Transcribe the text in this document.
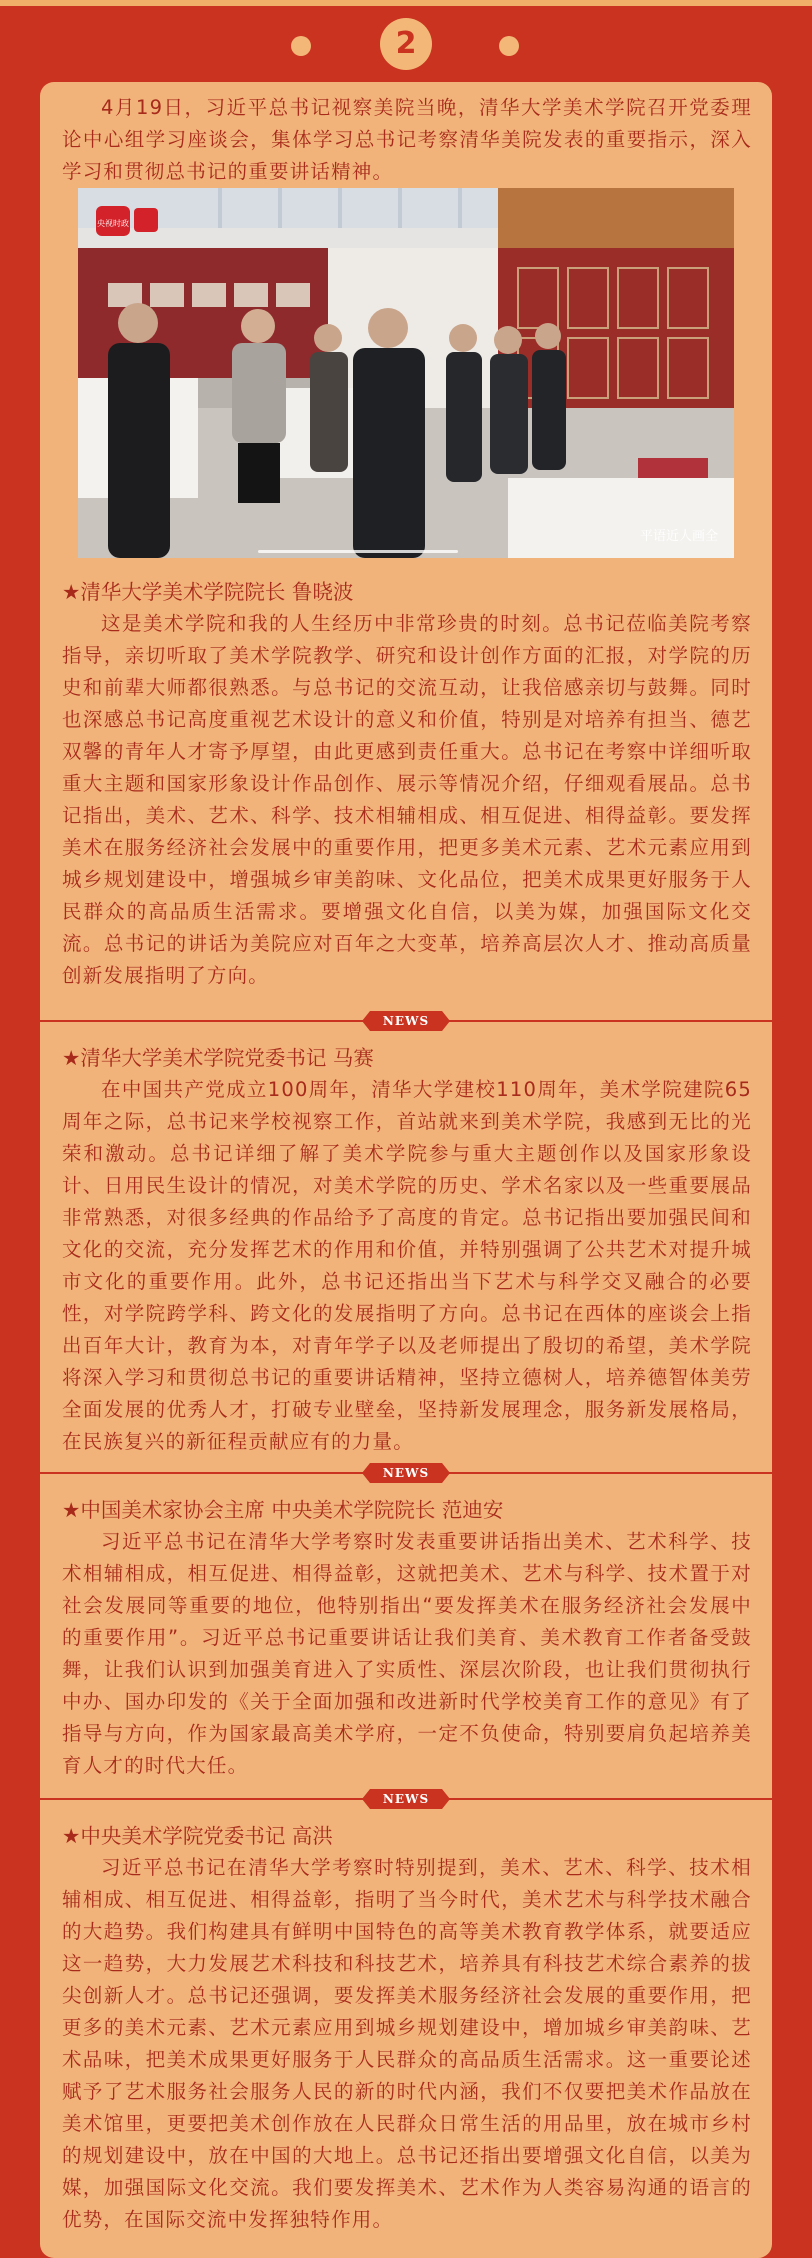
2

4月19日，习近平总书记视察美院当晚，清华大学美术学院召开党委理论中心组学习座谈会，集体学习总书记考察清华美院发表的重要指示，深入学习和贯彻总书记的重要讲话精神。

央视时政
平语近人画全

★清华大学美术学院院长 鲁晓波

这是美术学院和我的人生经历中非常珍贵的时刻。总书记莅临美院考察指导，亲切听取了美术学院教学、研究和设计创作方面的汇报，对学院的历史和前辈大师都很熟悉。与总书记的交流互动，让我倍感亲切与鼓舞。同时也深感总书记高度重视艺术设计的意义和价值，特别是对培养有担当、德艺双馨的青年人才寄予厚望，由此更感到责任重大。总书记在考察中详细听取重大主题和国家形象设计作品创作、展示等情况介绍，仔细观看展品。总书记指出，美术、艺术、科学、技术相辅相成、相互促进、相得益彰。要发挥美术在服务经济社会发展中的重要作用，把更多美术元素、艺术元素应用到城乡规划建设中，增强城乡审美韵味、文化品位，把美术成果更好服务于人民群众的高品质生活需求。要增强文化自信，以美为媒，加强国际文化交流。总书记的讲话为美院应对百年之大变革，培养高层次人才、推动高质量创新发展指明了方向。

NEWS

★清华大学美术学院党委书记 马赛

在中国共产党成立100周年，清华大学建校110周年，美术学院建院65周年之际，总书记来学校视察工作，首站就来到美术学院，我感到无比的光荣和激动。总书记详细了解了美术学院参与重大主题创作以及国家形象设计、日用民生设计的情况，对美术学院的历史、学术名家以及一些重要展品非常熟悉，对很多经典的作品给予了高度的肯定。总书记指出要加强民间和文化的交流，充分发挥艺术的作用和价值，并特别强调了公共艺术对提升城市文化的重要作用。此外，总书记还指出当下艺术与科学交叉融合的必要性，对学院跨学科、跨文化的发展指明了方向。总书记在西体的座谈会上指出百年大计，教育为本，对青年学子以及老师提出了殷切的希望，美术学院将深入学习和贯彻总书记的重要讲话精神，坚持立德树人，培养德智体美劳全面发展的优秀人才，打破专业壁垒，坚持新发展理念，服务新发展格局，在民族复兴的新征程贡献应有的力量。

NEWS

★中国美术家协会主席 中央美术学院院长 范迪安

习近平总书记在清华大学考察时发表重要讲话指出美术、艺术科学、技术相辅相成，相互促进、相得益彰，这就把美术、艺术与科学、技术置于对社会发展同等重要的地位，他特别指出“要发挥美术在服务经济社会发展中的重要作用”。习近平总书记重要讲话让我们美育、美术教育工作者备受鼓舞，让我们认识到加强美育进入了实质性、深层次阶段，也让我们贯彻执行中办、国办印发的《关于全面加强和改进新时代学校美育工作的意见》有了指导与方向，作为国家最高美术学府，一定不负使命，特别要肩负起培养美育人才的时代大任。

NEWS

★中央美术学院党委书记 高洪

习近平总书记在清华大学考察时特别提到，美术、艺术、科学、技术相辅相成、相互促进、相得益彰，指明了当今时代，美术艺术与科学技术融合的大趋势。我们构建具有鲜明中国特色的高等美术教育教学体系，就要适应这一趋势，大力发展艺术科技和科技艺术，培养具有科技艺术综合素养的拔尖创新人才。总书记还强调，要发挥美术服务经济社会发展的重要作用，把更多的美术元素、艺术元素应用到城乡规划建设中，增加城乡审美韵味、艺术品味，把美术成果更好服务于人民群众的高品质生活需求。这一重要论述赋予了艺术服务社会服务人民的新的时代内涵，我们不仅要把美术作品放在美术馆里，更要把美术创作放在人民群众日常生活的用品里，放在城市乡村的规划建设中，放在中国的大地上。总书记还指出要增强文化自信，以美为媒，加强国际文化交流。我们要发挥美术、艺术作为人类容易沟通的语言的优势，在国际交流中发挥独特作用。
